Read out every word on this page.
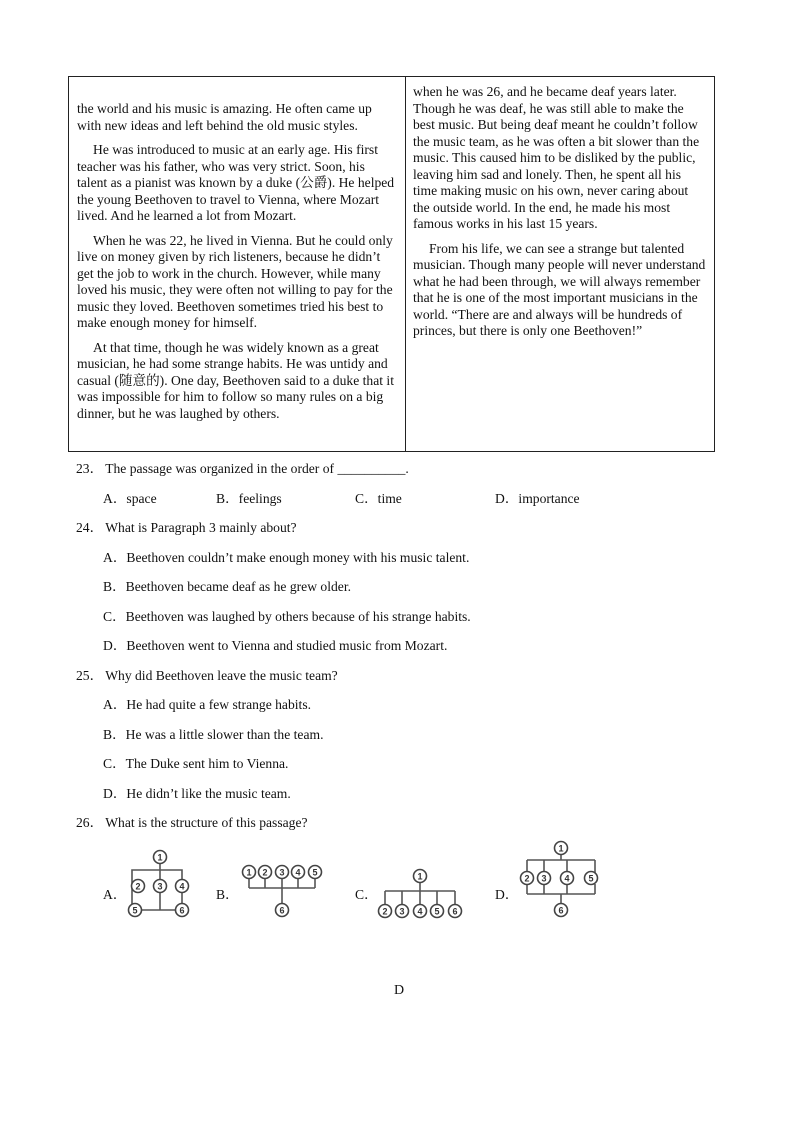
the world and his music is amazing. He often came up with new ideas and left behind the old music styles.

He was introduced to music at an early age. His first teacher was his father, who was very strict. Soon, his talent as a pianist was known by a duke (公爵). He helped the young Beethoven to travel to Vienna, where Mozart lived. And he learned a lot from Mozart.

When he was 22, he lived in Vienna. But he could only live on money given by rich listeners, because he didn’t get the job to work in the church. However, while many loved his music, they were often not willing to pay for the music they loved. Beethoven sometimes tried his best to make enough money for himself.

At that time, though he was widely known as a great musician, he had some strange habits. He was untidy and casual (随意的). One day, Beethoven said to a duke that it was impossible for him to follow so many rules on a big dinner, but he was laughed by others.

when he was 26, and he became deaf years later. Though he was deaf, he was still able to make the best music. But being deaf meant he couldn’t follow the music team, as he was often a bit slower than the music. This caused him to be disliked by the public, leaving him sad and lonely. Then, he spent all his time making music on his own, never caring about the outside world. In the end, he made his most famous works in his last 15 years.

From his life, we can see a strange but talented musician. Though many people will never understand what he had been through, we will always remember that he is one of the most important musicians in the world. “There are and always will be hundreds of princes, but there is only one Beethoven!”

23． The passage was organized in the order of __________.
A．space	B．feelings	C．time	D．importance
24． What is Paragraph 3 mainly about?
A．Beethoven couldn’t make enough money with his music talent.
B．Beethoven became deaf as he grew older.
C．Beethoven was laughed by others because of his strange habits.
D．Beethoven went to Vienna and studied music from Mozart.
25． Why did Beethoven leave the music team?
A．He had quite a few strange habits.
B．He was a little slower than the team.
C．The Duke sent him to Vienna.
D．He didn’t like the music team.
26． What is the structure of this passage?
A．	B．	C．	D．
1
2 3 4
5	6
1 2 3 4 5
6
1
2 3 4 5 6
1
2 3 4 5
6
D
